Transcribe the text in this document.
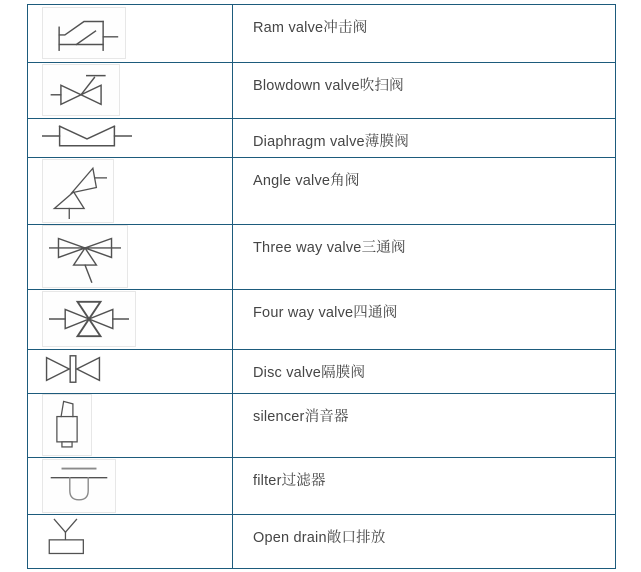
	Ram valve冲击阀

	Blowdown valve吹扫阀

	Diaphragm valve薄膜阀

	Angle valve角阀

	Three way valve三通阀

	Four way valve四通阀

	Disc valve隔膜阀

	silencer消音器

	filter过滤器

	Open drain敞口排放
